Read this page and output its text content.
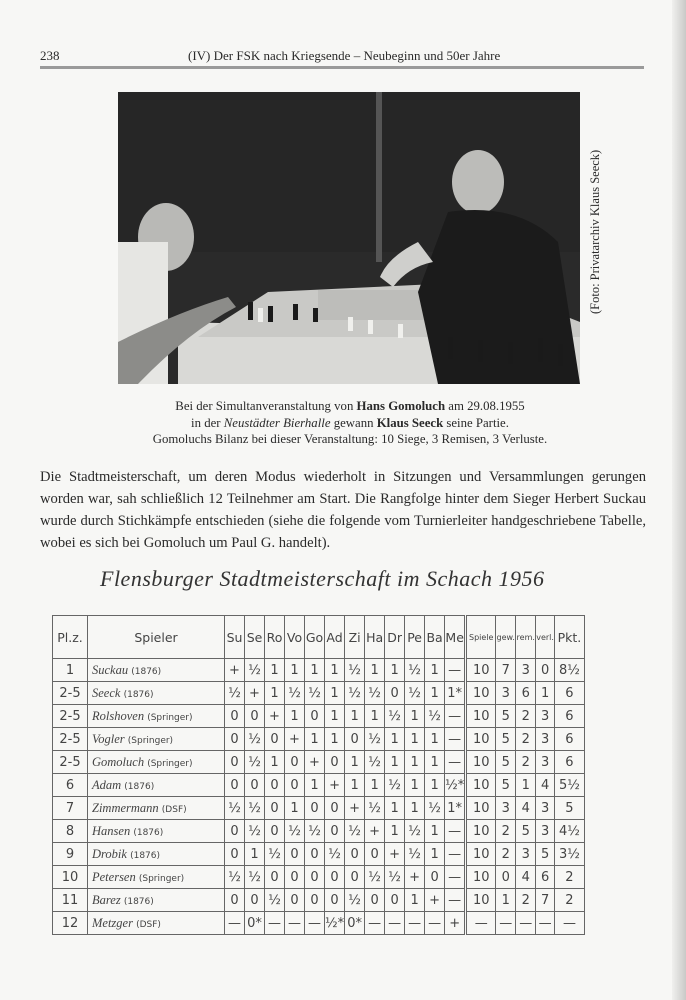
238	(IV) Der FSK nach Kriegsende – Neubeginn und 50er Jahre
(Foto: Privatarchiv Klaus Seeck)
Bei der Simultanveranstaltung von Hans Gomoluch am 29.08.1955
in der Neustädter Bierhalle gewann Klaus Seeck seine Partie.
Gomoluchs Bilanz bei dieser Veranstaltung: 10 Siege, 3 Remisen, 3 Verluste.

Die Stadtmeisterschaft, um deren Modus wiederholt in Sitzungen und Versammlungen gerungen worden war, sah schließlich 12 Teilnehmer am Start. Die Rangfolge hinter dem Sieger Herbert Suckau wurde durch Stichkämpfe entschieden (siehe die folgende vom Turnierleiter handgeschriebene Tabelle, wobei es sich bei Gomoluch um Paul G. handelt).

Flensburger Stadtmeisterschaft im Schach 1956
Pl.z.	Spieler	Su	Se	Ro	Vo	Go	Ad	Zi	Ha	Dr	Pe	Ba	Me	Spiele	gew.	rem.	verl.	Pkt.
1	Suckau (1876)	+	½	1	1	1	1	½	1	1	½	1	—	10	7	3	0	8½
2-5	Seeck (1876)	½	+	1	½	½	1	½	½	0	½	1	1*	10	3	6	1	6
2-5	Rolshoven (Springer)	0	0	+	1	0	1	1	1	½	1	½	—	10	5	2	3	6
2-5	Vogler (Springer)	0	½	0	+	1	1	0	½	1	1	1	—	10	5	2	3	6
2-5	Gomoluch (Springer)	0	½	1	0	+	0	1	½	1	1	1	—	10	5	2	3	6
6	Adam (1876)	0	0	0	0	1	+	1	1	½	1	1	½*	10	5	1	4	5½
7	Zimmermann (DSF)	½	½	0	1	0	0	+	½	1	1	½	1*	10	3	4	3	5
8	Hansen (1876)	0	½	0	½	½	0	½	+	1	½	1	—	10	2	5	3	4½
9	Drobik (1876)	0	1	½	0	0	½	0	0	+	½	1	—	10	2	3	5	3½
10	Petersen (Springer)	½	½	0	0	0	0	0	½	½	+	0	—	10	0	4	6	2
11	Barez (1876)	0	0	½	0	0	0	½	0	0	1	+	—	10	1	2	7	2
12	Metzger (DSF)	—	0*	—	—	—	½*	0*	—	—	—	—	+	—	—	—	—	—
